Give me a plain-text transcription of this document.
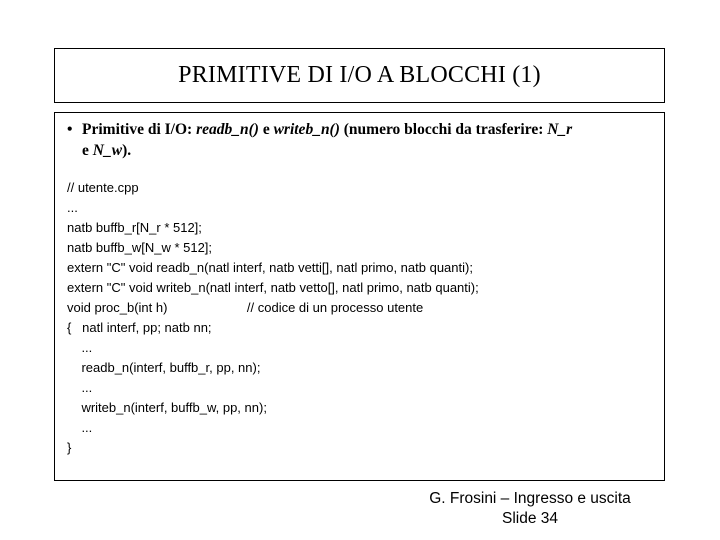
PRIMITIVE DI I/O A BLOCCHI (1)
• Primitive di I/O: readb_n() e writeb_n() (numero blocchi da trasferire: N_r
e N_w).
// utente.cpp
...
natb buffb_r[N_r * 512];
natb buffb_w[N_w * 512];
extern "C" void readb_n(natl interf, natb vetti[], natl primo, natb quanti);
extern "C" void writeb_n(natl interf, natb vetto[], natl primo, natb quanti);
void proc_b(int h)                      // codice di un processo utente
{   natl interf, pp; natb nn;
...
readb_n(interf, buffb_r, pp, nn);
...
writeb_n(interf, buffb_w, pp, nn);
...
}
G. Frosini – Ingresso e uscita
Slide 34
